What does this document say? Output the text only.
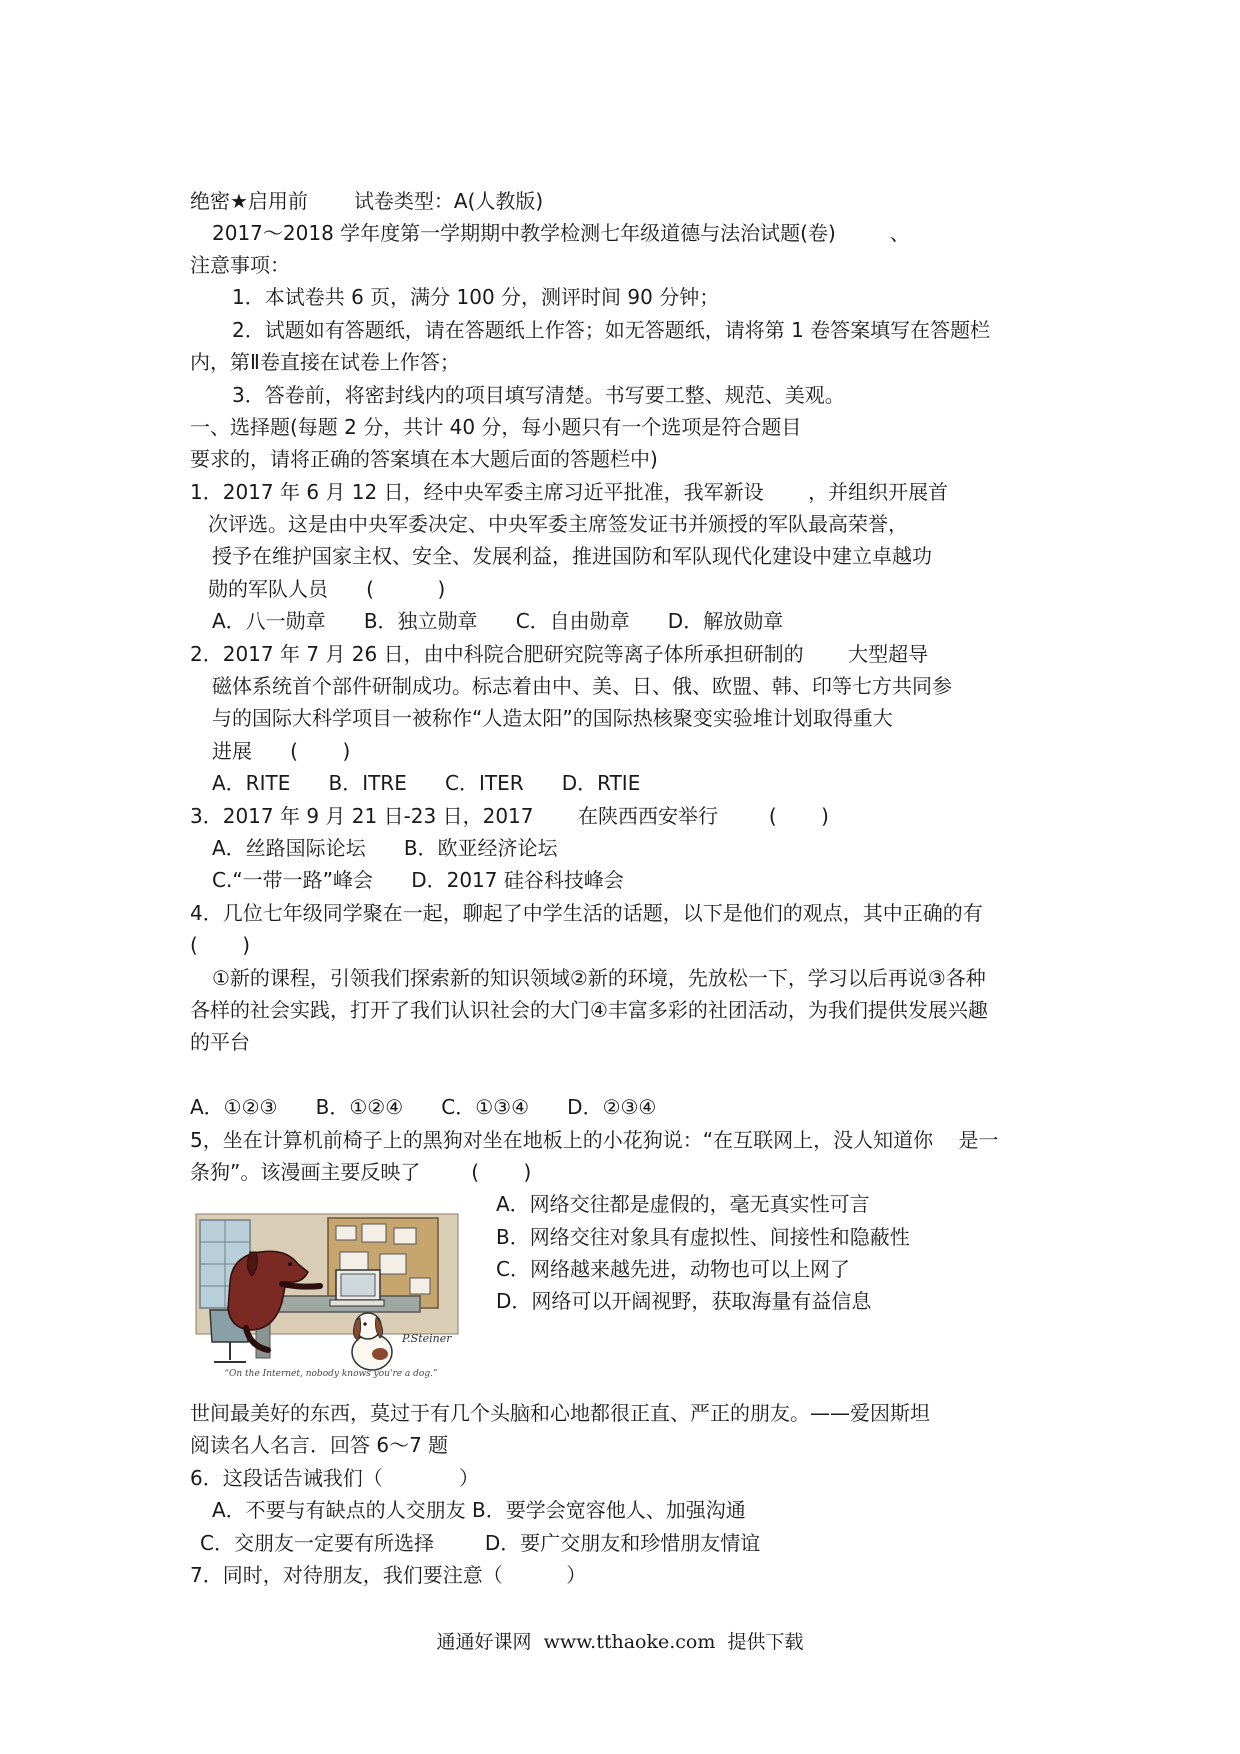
绝密★启用前 试卷类型：A(人教版)
2017～2018 学年度第一学期期中教学检测七年级道德与法治试题(卷)	、
注意事项：
1．本试卷共 6 页，满分 100 分，测评时间 90 分钟；
2．试题如有答题纸，请在答题纸上作答；如无答题纸，请将第 1 卷答案填写在答题栏
内，第Ⅱ卷直接在试卷上作答；
3．答卷前，将密封线内的项目填写清楚。书写要工整、规范、美观。
一、选择题(每题 2 分，共计 40 分，每小题只有一个选项是符合题目
要求的，请将正确的答案填在本大题后面的答题栏中)
1．2017 年 6 月 12 日，经中央军委主席习近平批准，我军新设       ，并组织开展首
次评选。这是由中央军委决定、中央军委主席签发证书并颁授的军队最高荣誉，
授予在维护国家主权、安全、发展利益，推进国防和军队现代化建设中建立卓越功
勋的军队人员      (          )
A．八一勋章      B．独立勋章      C．自由勋章      D．解放勋章
2．2017 年 7 月 26 日，由中科院合肥研究院等离子体所承担研制的       大型超导
磁体系统首个部件研制成功。标志着由中、美、日、俄、欧盟、韩、印等七方共同参
与的国际大科学项目一被称作“人造太阳”的国际热核聚变实验堆计划取得重大
进展      (       )
A．RITE      B．ITRE      C．ITER      D．RTIE
3．2017 年 9 月 21 日-23 日，2017       在陕西西安举行        (       )
A．丝路国际论坛      B．欧亚经济论坛
C.“一带一路”峰会      D．2017 硅谷科技峰会
4．几位七年级同学聚在一起，聊起了中学生活的话题，以下是他们的观点，其中正确的有
(       )
①新的课程，引领我们探索新的知识领域②新的环境，先放松一下，学习以后再说③各种
各样的社会实践，打开了我们认识社会的大门④丰富多彩的社团活动，为我们提供发展兴趣
的平台
A．①②③      B．①②④      C．①③④      D．②③④
5，坐在计算机前椅子上的黑狗对坐在地板上的小花狗说：“在互联网上，没人知道你    是一
条狗”。该漫画主要反映了        (       )
A．网络交往都是虚假的，毫无真实性可言
B．网络交往对象具有虚拟性、间接性和隐蔽性
C．网络越来越先进，动物也可以上网了
D．网络可以开阔视野，获取海量有益信息
P.Steiner
“On the Internet, nobody knows you're a dog.”
世间最美好的东西，莫过于有几个头脑和心地都很正直、严正的朋友。——爱因斯坦
阅读名人名言．回答 6～7 题
6．这段话告诫我们（            ）
A．不要与有缺点的人交朋友 B．要学会宽容他人、加强沟通
C．交朋友一定要有所选择        D．要广交朋友和珍惜朋友情谊
7．同时，对待朋友，我们要注意（          ）
通通好课网  www.tthaoke.com  提供下载
